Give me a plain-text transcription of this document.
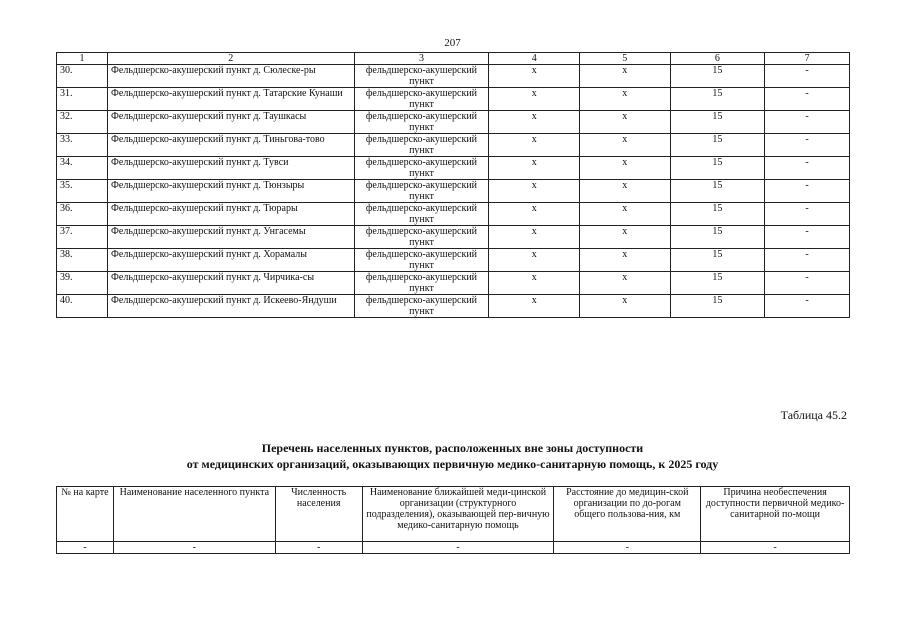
207
1	2	3	4	5	6	7
30.	Фельдшерско-акушерский пункт д. Сюлеске-ры	фельдшерско-акушерский пункт	х	х	15	-
31.	Фельдшерско-акушерский пункт д. Татарские Кунаши	фельдшерско-акушерский пункт	х	х	15	-
32.	Фельдшерско-акушерский пункт д. Таушкасы	фельдшерско-акушерский пункт	х	х	15	-
33.	Фельдшерско-акушерский пункт д. Тиньгова-тово	фельдшерско-акушерский пункт	х	х	15	-
34.	Фельдшерско-акушерский пункт д. Тувси	фельдшерско-акушерский пункт	х	х	15	-
35.	Фельдшерско-акушерский пункт д. Тюнзыры	фельдшерско-акушерский пункт	х	х	15	-
36.	Фельдшерско-акушерский пункт д. Тюрары	фельдшерско-акушерский пункт	х	х	15	-
37.	Фельдшерско-акушерский пункт д. Унгасемы	фельдшерско-акушерский пункт	х	х	15	-
38.	Фельдшерско-акушерский пункт д. Хорамалы	фельдшерско-акушерский пункт	х	х	15	-
39.	Фельдшерско-акушерский пункт д. Чирчика-сы	фельдшерско-акушерский пункт	х	х	15	-
40.	Фельдшерско-акушерский пункт д. Искеево-Яндуши	фельдшерско-акушерский пункт	х	х	15	-
Таблица 45.2
Перечень населенных пунктов, расположенных вне зоны доступности
от медицинских организаций, оказывающих первичную медико-санитарную помощь, к 2025 году
№ на карте	Наименование населенного пункта	Численность населения	Наименование ближайшей меди-цинской организации (структурного подразделения), оказывающей пер-вичную медико-санитарную помощь	Расстояние до медицин-ской организации по до-рогам общего пользова-ния, км	Причина необеспечения доступности первичной медико-санитарной по-мощи
-	-	-	-	-	-
